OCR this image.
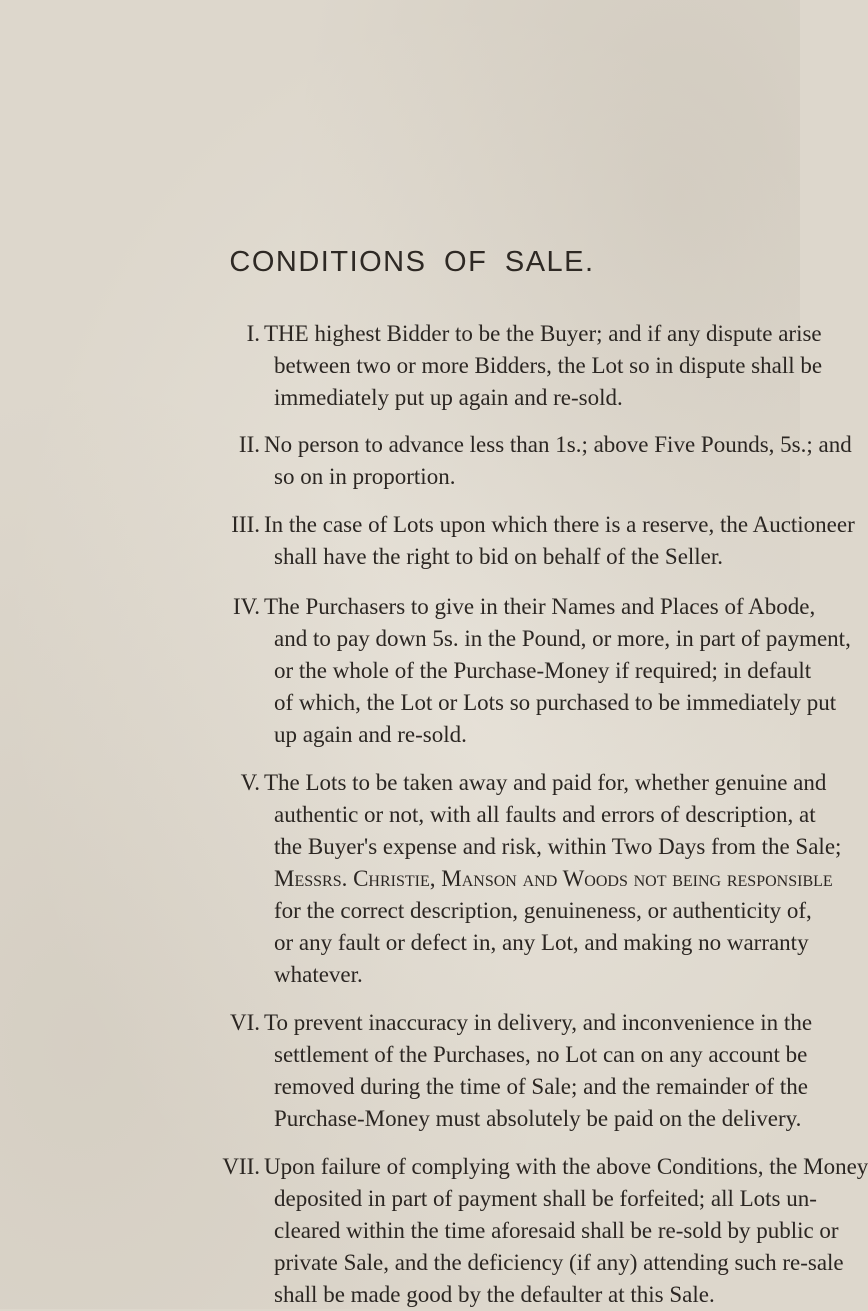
CONDITIONS OF SALE.
I. THE highest Bidder to be the Buyer; and if any dispute arise
between two or more Bidders, the Lot so in dispute shall be
immediately put up again and re-sold.
II. No person to advance less than 1s.; above Five Pounds, 5s.; and
so on in proportion.
III. In the case of Lots upon which there is a reserve, the Auctioneer
shall have the right to bid on behalf of the Seller.
IV. The Purchasers to give in their Names and Places of Abode,
and to pay down 5s. in the Pound, or more, in part of payment,
or the whole of the Purchase-Money if required; in default
of which, the Lot or Lots so purchased to be immediately put
up again and re-sold.
V. The Lots to be taken away and paid for, whether genuine and
authentic or not, with all faults and errors of description, at
the Buyer's expense and risk, within Two Days from the Sale;
Messrs. Christie, Manson and Woods not being responsible
for the correct description, genuineness, or authenticity of,
or any fault or defect in, any Lot, and making no warranty
whatever.
VI. To prevent inaccuracy in delivery, and inconvenience in the
settlement of the Purchases, no Lot can on any account be
removed during the time of Sale; and the remainder of the
Purchase-Money must absolutely be paid on the delivery.
VII. Upon failure of complying with the above Conditions, the Money
deposited in part of payment shall be forfeited; all Lots un-
cleared within the time aforesaid shall be re-sold by public or
private Sale, and the deficiency (if any) attending such re-sale
shall be made good by the defaulter at this Sale.
